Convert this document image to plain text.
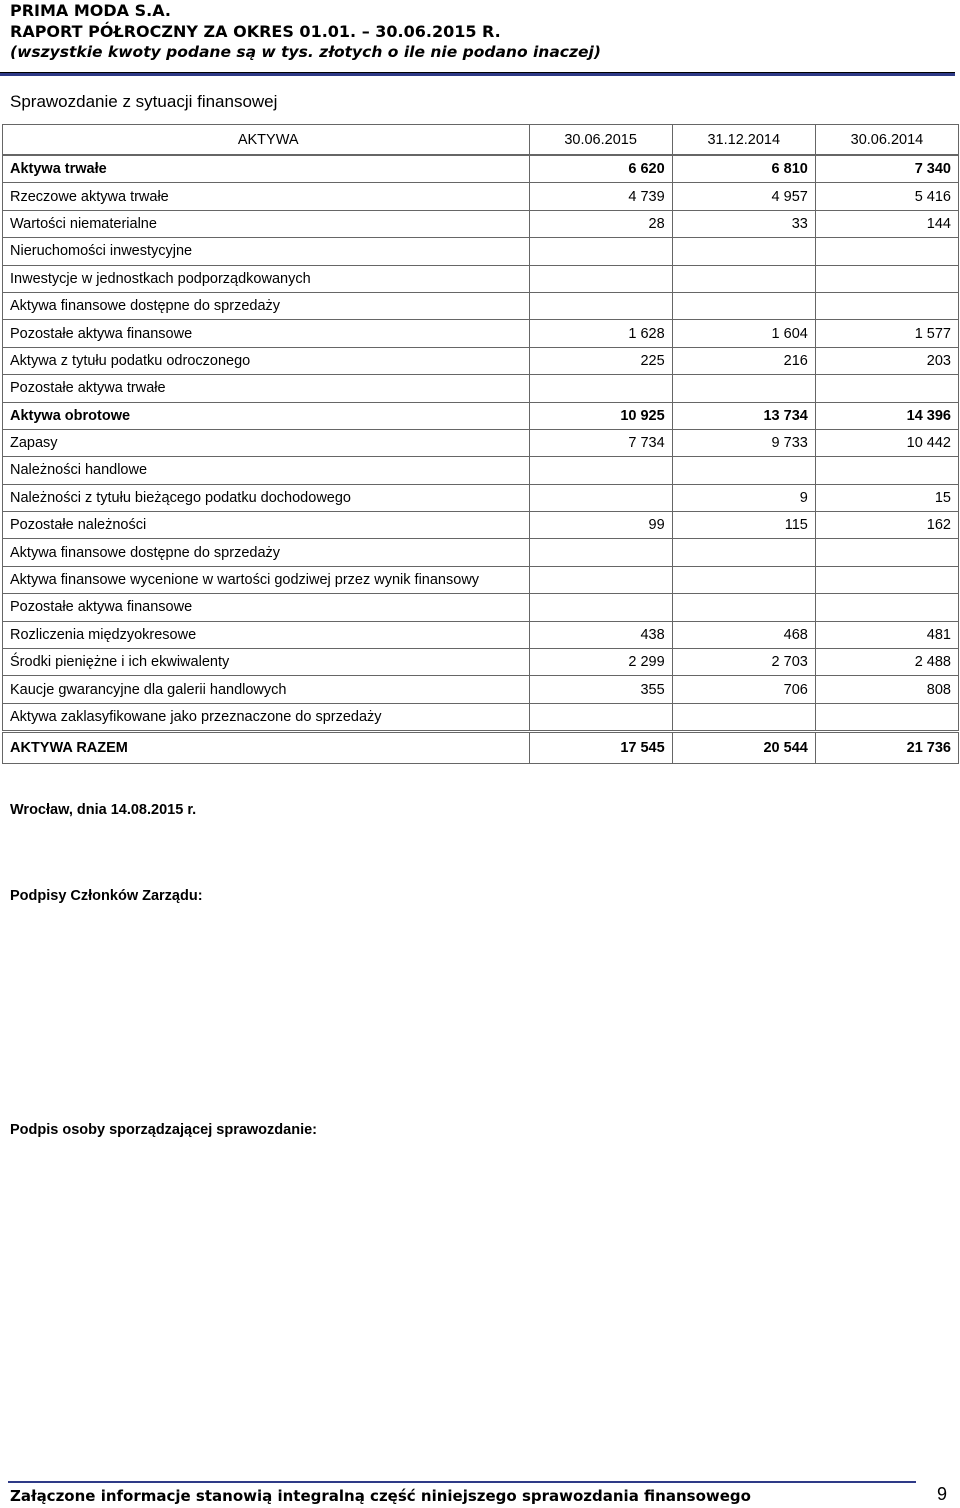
PRIMA MODA S.A.
RAPORT PÓŁROCZNY ZA OKRES 01.01. – 30.06.2015 R.
(wszystkie kwoty podane są w tys. złotych o ile nie podano inaczej)
Sprawozdanie z sytuacji finansowej
AKTYWA	30.06.2015	31.12.2014	30.06.2014
Aktywa trwałe	6 620	6 810	7 340
Rzeczowe aktywa trwałe	4 739	4 957	5 416
Wartości niematerialne	28	33	144
Nieruchomości inwestycyjne			
Inwestycje w jednostkach podporządkowanych			
Aktywa finansowe dostępne do sprzedaży			
Pozostałe aktywa finansowe	1 628	1 604	1 577
Aktywa z tytułu podatku odroczonego	225	216	203
Pozostałe aktywa trwałe			
Aktywa obrotowe	10 925	13 734	14 396
Zapasy	7 734	9 733	10 442
Należności handlowe			
Należności z tytułu bieżącego podatku dochodowego		9	15
Pozostałe należności	99	115	162
Aktywa finansowe dostępne do sprzedaży			
Aktywa finansowe wycenione w wartości godziwej przez wynik finansowy			
Pozostałe aktywa finansowe			
Rozliczenia międzyokresowe	438	468	481
Środki pieniężne i ich ekwiwalenty	2 299	2 703	2 488
Kaucje gwarancyjne dla galerii handlowych	355	706	808
Aktywa zaklasyfikowane jako przeznaczone do sprzedaży			
AKTYWA RAZEM	17 545	20 544	21 736
Wrocław, dnia 14.08.2015 r.
Podpisy Członków Zarządu:
Podpis osoby sporządzającej sprawozdanie:
Załączone informacje stanowią integralną część niniejszego sprawozdania finansowego	9
